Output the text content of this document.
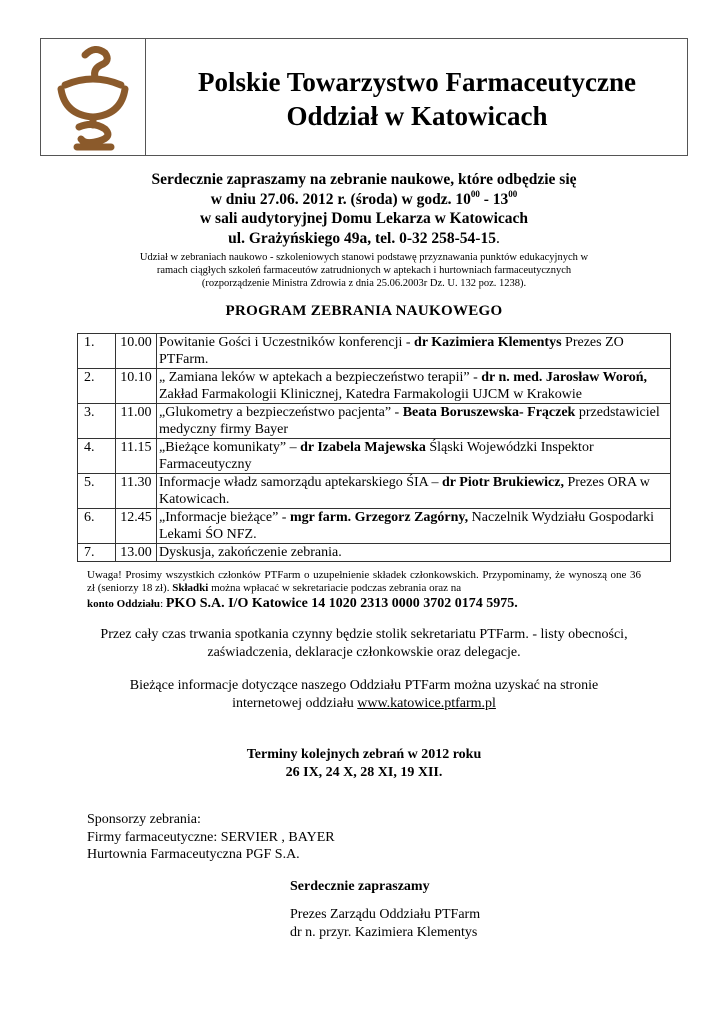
Polskie Towarzystwo Farmaceutyczne
Oddział w Katowicach
Serdecznie zapraszamy na zebranie naukowe, które odbędzie się
w dniu 27.06. 2012 r. (środa) w godz. $10^{00} - 13^{00}$
w sali audytoryjnej Domu Lekarza w Katowicach
ul. Grażyńskiego 49a, tel. 0-32 258-54-15.
Udział w zebraniach naukowo - szkoleniowych stanowi podstawę przyznawania punktów edukacyjnych w
ramach ciągłych szkoleń farmaceutów zatrudnionych w aptekach i hurtowniach farmaceutycznych
(rozporządzenie Ministra Zdrowia z dnia 25.06.2003r Dz. U. 132 poz. 1238).
PROGRAM ZEBRANIA NAUKOWEGO
1.	10.00	Powitanie Gości i Uczestników konferencji - dr Kazimiera Klementys Prezes ZO PTFarm.
2.	10.10	„ Zamiana leków w aptekach a bezpieczeństwo terapii” - dr n. med. Jarosław Woroń, Zakład Farmakologii Klinicznej, Katedra Farmakologii UJCM w Krakowie
3.	11.00	„Glukometry a bezpieczeństwo pacjenta” - Beata Boruszewska- Frączek przedstawiciel medyczny firmy Bayer
4.	11.15	„Bieżące komunikaty” – dr Izabela Majewska Śląski Wojewódzki Inspektor Farmaceutyczny
5.	11.30	Informacje władz samorządu aptekarskiego ŚIA – dr Piotr Brukiewicz, Prezes ORA w Katowicach.
6.	12.45	„Informacje bieżące” - mgr farm. Grzegorz Zagórny, Naczelnik Wydziału Gospodarki Lekami ŚO NFZ.
7.	13.00	Dyskusja, zakończenie zebrania.
Uwaga! Prosimy wszystkich członków PTFarm o uzupełnienie składek członkowskich. Przypominamy, że wynoszą one 36 zł (seniorzy 18 zł). Składki można wpłacać w sekretariacie podczas zebrania oraz na
konto Oddziału: PKO S.A. I/O Katowice 14 1020 2313 0000 3702 0174 5975.
Przez cały czas trwania spotkania czynny będzie stolik sekretariatu PTFarm. - listy obecności,
zaświadczenia, deklaracje członkowskie oraz delegacje.
Bieżące informacje dotyczące naszego Oddziału PTFarm można uzyskać na stronie
internetowej oddziału www.katowice.ptfarm.pl
Terminy kolejnych zebrań w 2012 roku
26 IX, 24 X, 28 XI, 19 XII.
Sponsorzy zebrania:
Firmy farmaceutyczne: SERVIER , BAYER
Hurtownia Farmaceutyczna PGF S.A.
Serdecznie zapraszamy
Prezes Zarządu Oddziału PTFarm
dr n. przyr. Kazimiera Klementys
